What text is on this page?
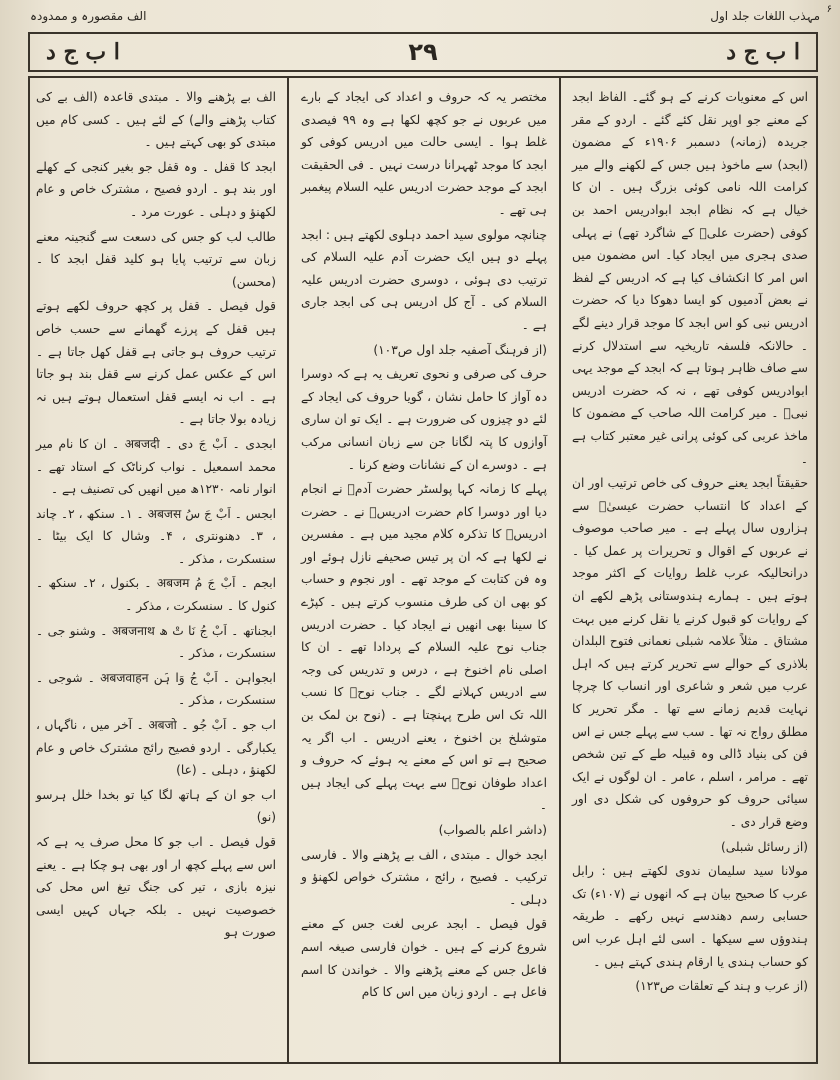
مہذب اللغات جلد اول
الف مقصورہ و ممدودہ	۶
ا ب ج د
۲۹
ا ب ج د

اس کے معنویات کرنے کے ہو گئے۔ الفاظ ابجد کے معنے جو اوپر نقل کئے گئے ۔ اردو کے مقر جریدہ (زمانہ) دسمبر ۱۹۰۶ء کے مضمون (ابجد) سے ماخوذ ہیں جس کے لکھنے والے میر کرامت اللہ نامی کوئی بزرگ ہیں ۔ ان کا خیال ہے کہ نظام ابجد ابوادریس احمد بن کوفی (حضرت علیؑ کے شاگرد تھے) نے پہلی صدی ہجری میں ایجاد کیا۔ اس مضمون میں اس امر کا انکشاف کیا ہے کہ ادریس کے لفظ نے بعض آدمیوں کو ایسا دھوکا دیا کہ حضرت ادریس نبی کو اس ابجد کا موجد قرار دینے لگے ۔ حالانکہ فلسفہ تاریخیہ سے استدلال کرنے سے صاف ظاہر ہوتا ہے کہ ابجد کے موجد یہی ابوادریس کوفی تھے ، نہ کہ حضرت ادریس نبیؑ ۔ میر کرامت اللہ صاحب کے مضمون کا ماخذ عربی کی کوئی پرانی غیر معتبر کتاب ہے ۔

حقیقتاً ابجد یعنے حروف کی خاص ترتیب اور ان کے اعداد کا انتساب حضرت عیسیٰؑ سے ہزاروں سال پہلے ہے ۔ میر صاحب موصوف نے عربوں کے اقوال و تحریرات پر عمل کیا ۔ درانحالیکہ عرب غلط روایات کے اکثر موجد ہوتے ہیں ۔ ہمارے ہندوستانی پڑھے لکھے ان کے روایات کو قبول کرنے یا نقل کرنے میں بہت مشتاق ۔ مثلاً علامہ شبلی نعمانی فتوح البلدان بلاذری کے حوالے سے تحریر کرتے ہیں کہ اہل عرب میں شعر و شاعری اور انساب کا چرچا نہایت قدیم زمانے سے تھا ۔ مگر تحریر کا مطلق رواج نہ تھا ۔ سب سے پہلے جس نے اس فن کی بنیاد ڈالی وہ قبیلہ طے کے تین شخص تھے ۔ مرامر ، اسلم ، عامر ۔ ان لوگوں نے ایک سیائی حروف کو حروفوں کی شکل دی اور وضع قرار دی ۔

(از رسائل شبلی)

مولانا سید سلیمان ندوی لکھتے ہیں : رابل عرب کا صحیح بیان ہے کہ انھوں نے (۱۰۷ء) تک حسابی رسم دھندسے نہیں رکھے ۔ طریقہ ہندوؤں سے سیکھا ۔ اسی لئے اہل عرب اس کو حساب ہندی یا ارقام ہندی کہتے ہیں ۔

(از عرب و ہند کے تعلقات ص۱۲۳)

مختصر یہ کہ حروف و اعداد کی ایجاد کے بارے میں عربوں نے جو کچھ لکھا ہے وہ ۹۹ فیصدی غلط ہوا ۔ ایسی حالت میں ادریس کوفی کو ابجد کا موجد ٹھہرانا درست نہیں ۔ فی الحقیقت ابجد کے موجد حضرت ادریس علیہ السلام پیغمبر ہی تھے ۔

چنانچہ مولوی سید احمد دہلوی لکھتے ہیں : ابجد پہلے دو ہیں ایک حضرت آدم علیہ السلام کی ترتیب دی ہوئی ، دوسری حضرت ادریس علیہ السلام کی ۔ آج کل ادریس ہی کی ابجد جاری ہے ۔

(از فرہنگ آصفیہ جلد اول ص۱۰۳)

حرف کی صرفی و نحوی تعریف یہ ہے کہ دوسرا دہ آواز کا حامل نشان ، گویا حروف کی ایجاد کے لئے دو چیزوں کی ضرورت ہے ۔ ایک تو ان ساری آوازوں کا پتہ لگانا جن سے زبان انسانی مرکب ہے ۔ دوسرے ان کے نشانات وضع کرنا ۔

پہلے کا زمانہ کہا پولسٹر حضرت آدمؑ نے انجام دیا اور دوسرا کام حضرت ادریسؑ نے ۔ حضرت ادریسؑ کا تذکرہ کلام مجید میں ہے ۔ مفسرین نے لکھا ہے کہ ان پر تیس صحیفے نازل ہوئے اور وہ فن کتابت کے موجد تھے ۔ اور نجوم و حساب کو بھی ان کی طرف منسوب کرتے ہیں ۔ کپڑے کا سینا بھی انھیں نے ایجاد کیا ۔ حضرت ادریس جناب نوح علیہ السلام کے پردادا تھے ۔ ان کا اصلی نام اخنوخ ہے ، درس و تدریس کی وجہ سے ادریس کہلانے لگے ۔ جناب نوحؑ کا نسب اللہ تک اس طرح پہنچتا ہے ۔ (نوح بن لمک بن متوشلخ بن اخنوخ ، یعنے ادریس ۔ اب اگر یہ صحیح ہے تو اس کے معنے یہ ہوئے کہ حروف و اعداد طوفان نوحؑ سے بہت پہلے کی ایجاد ہیں ۔

(داشر اعلم بالصواب)

ابجد خوال ۔ مبتدی ، الف بے پڑھنے والا ۔ فارسی ترکیب ۔ فصیح ، رائج ، مشترک خواص لکھنؤ و دہلی ۔

قول فیصل ۔ ابجد عربی لغت جس کے معنے شروع کرنے کے ہیں ۔ خوان فارسی صیغہ اسم فاعل جس کے معنے پڑھنے والا ۔ خواندن کا اسم فاعل ہے ۔ اردو زبان میں اس کا کام

الف بے پڑھنے والا ۔ مبتدی قاعدہ (الف بے کی کتاب پڑھنے والے) کے لئے ہیں ۔ کسی کام میں مبتدی کو بھی کہتے ہیں ۔

ابجد کا قفل ۔ وہ قفل جو بغیر کنجی کے کھلے اور بند ہو ۔ اردو فصیح ، مشترک خاص و عام لکھنؤ و دہلی ۔ عورت مرد ۔

طالب لب کو جس کی دسعت سے گنجینہ معنے زبان سے ترتیب پایا ہو کلید قفل ابجد کا ۔ (محسن)

قول فیصل ۔ قفل پر کچھ حروف لکھے ہوتے ہیں قفل کے پرزے گھمانے سے حسب خاص ترتیب حروف ہو جاتی ہے قفل کھل جاتا ہے ۔ اس کے عکس عمل کرنے سے قفل بند ہو جاتا ہے ۔ اب نہ ایسے قفل استعمال ہوتے ہیں نہ زیادہ بولا جاتا ہے ۔

ابجدی ۔ اَبْ جَ دی ۔ अबजदी ۔ ان کا نام میر محمد اسمعیل ۔ نواب کرناٹک کے استاد تھے ۔ انوار نامہ ۱۲۳۰ھ میں انھیں کی تصنیف ہے ۔

ابجس ۔ اَبْ جَ سُ अबजस ۔ ۱۔ سنکھ ، ۲۔ چاند ، ۳۔ دھنونتری ، ۴۔ وشال کا ایک بیٹا ۔ سنسکرت ، مذکر ۔

ابجم ۔ اَبْ جَ مُ अबजम ۔ بکنول ، ۲۔ سنکھ ۔ کنول کا ۔ سنسکرت ، مذکر ۔

ابجناتھ ۔ اَبْ جُ نَا تْ ھ अबजनाथ ۔ وشنو جی ۔ سنسکرت ، مذکر ۔

ابجواہن ۔ اَبْ جُ وَا ہَن अबजवाहन ۔ شوجی ۔ سنسکرت ، مذکر ۔

اب جو ۔ اَبْ جُو ۔ अबजो ۔ آخر میں ، ناگہاں ، یکبارگی ۔ اردو فصیح رائج مشترک خاص و عام لکھنؤ ، دہلی ۔ (عا)

اب جو ان کے ہاتھ لگا کیا تو بخدا خلل ہرسو (نو)

قول فیصل ۔ اب جو کا محل صرف یہ ہے کہ اس سے پہلے کچھ ار اور بھی ہو چکا ہے ۔ یعنے نیزہ بازی ، تیر کی جنگ تیغ اس محل کی خصوصیت نہیں ۔ بلکہ جہاں کہیں ایسی صورت ہو
